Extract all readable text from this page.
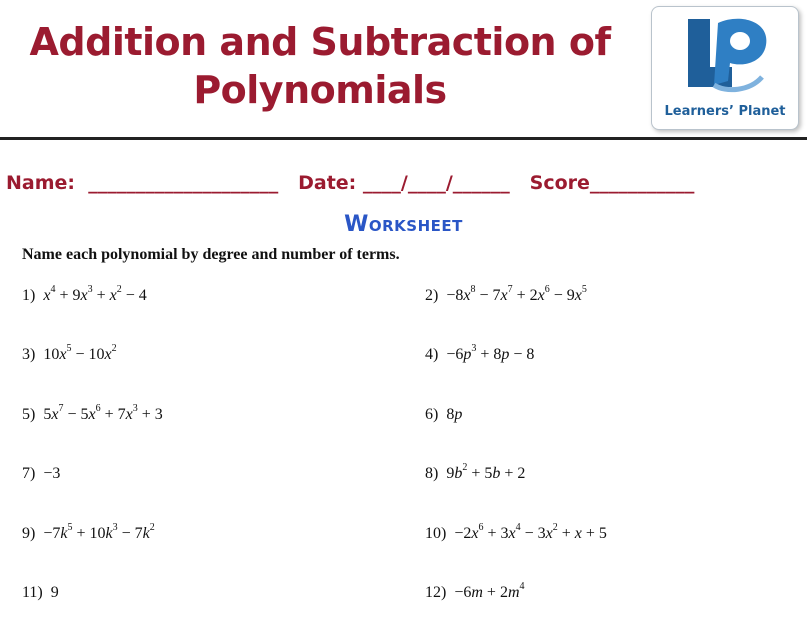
Addition and Subtraction of
Polynomials	Learners’ Planet
Name: ____________________ Date: ____/____/______ Score___________
Worksheet
Name each polynomial by degree and number of terms.
1) $x^4 + 9x^3 + x^2 - 4$	$2) -8x^8 - 7x^7 + 2x^6 - 9x^5$
3) $10x^5 - 10x^2$	$4) -6p^3 + 8p - 8$
5) $5x^7 - 5x^6 + 7x^3 + 3$	6) 8p
7) −3	8) $9b^2 + 5b + 2$
$9) -7k^5 + 10k^3 - 7k^2$	$10) -2x^6 + 3x^4 - 3x^2 + x + 5$
11) 9	$12) -6m + 2m^4$
